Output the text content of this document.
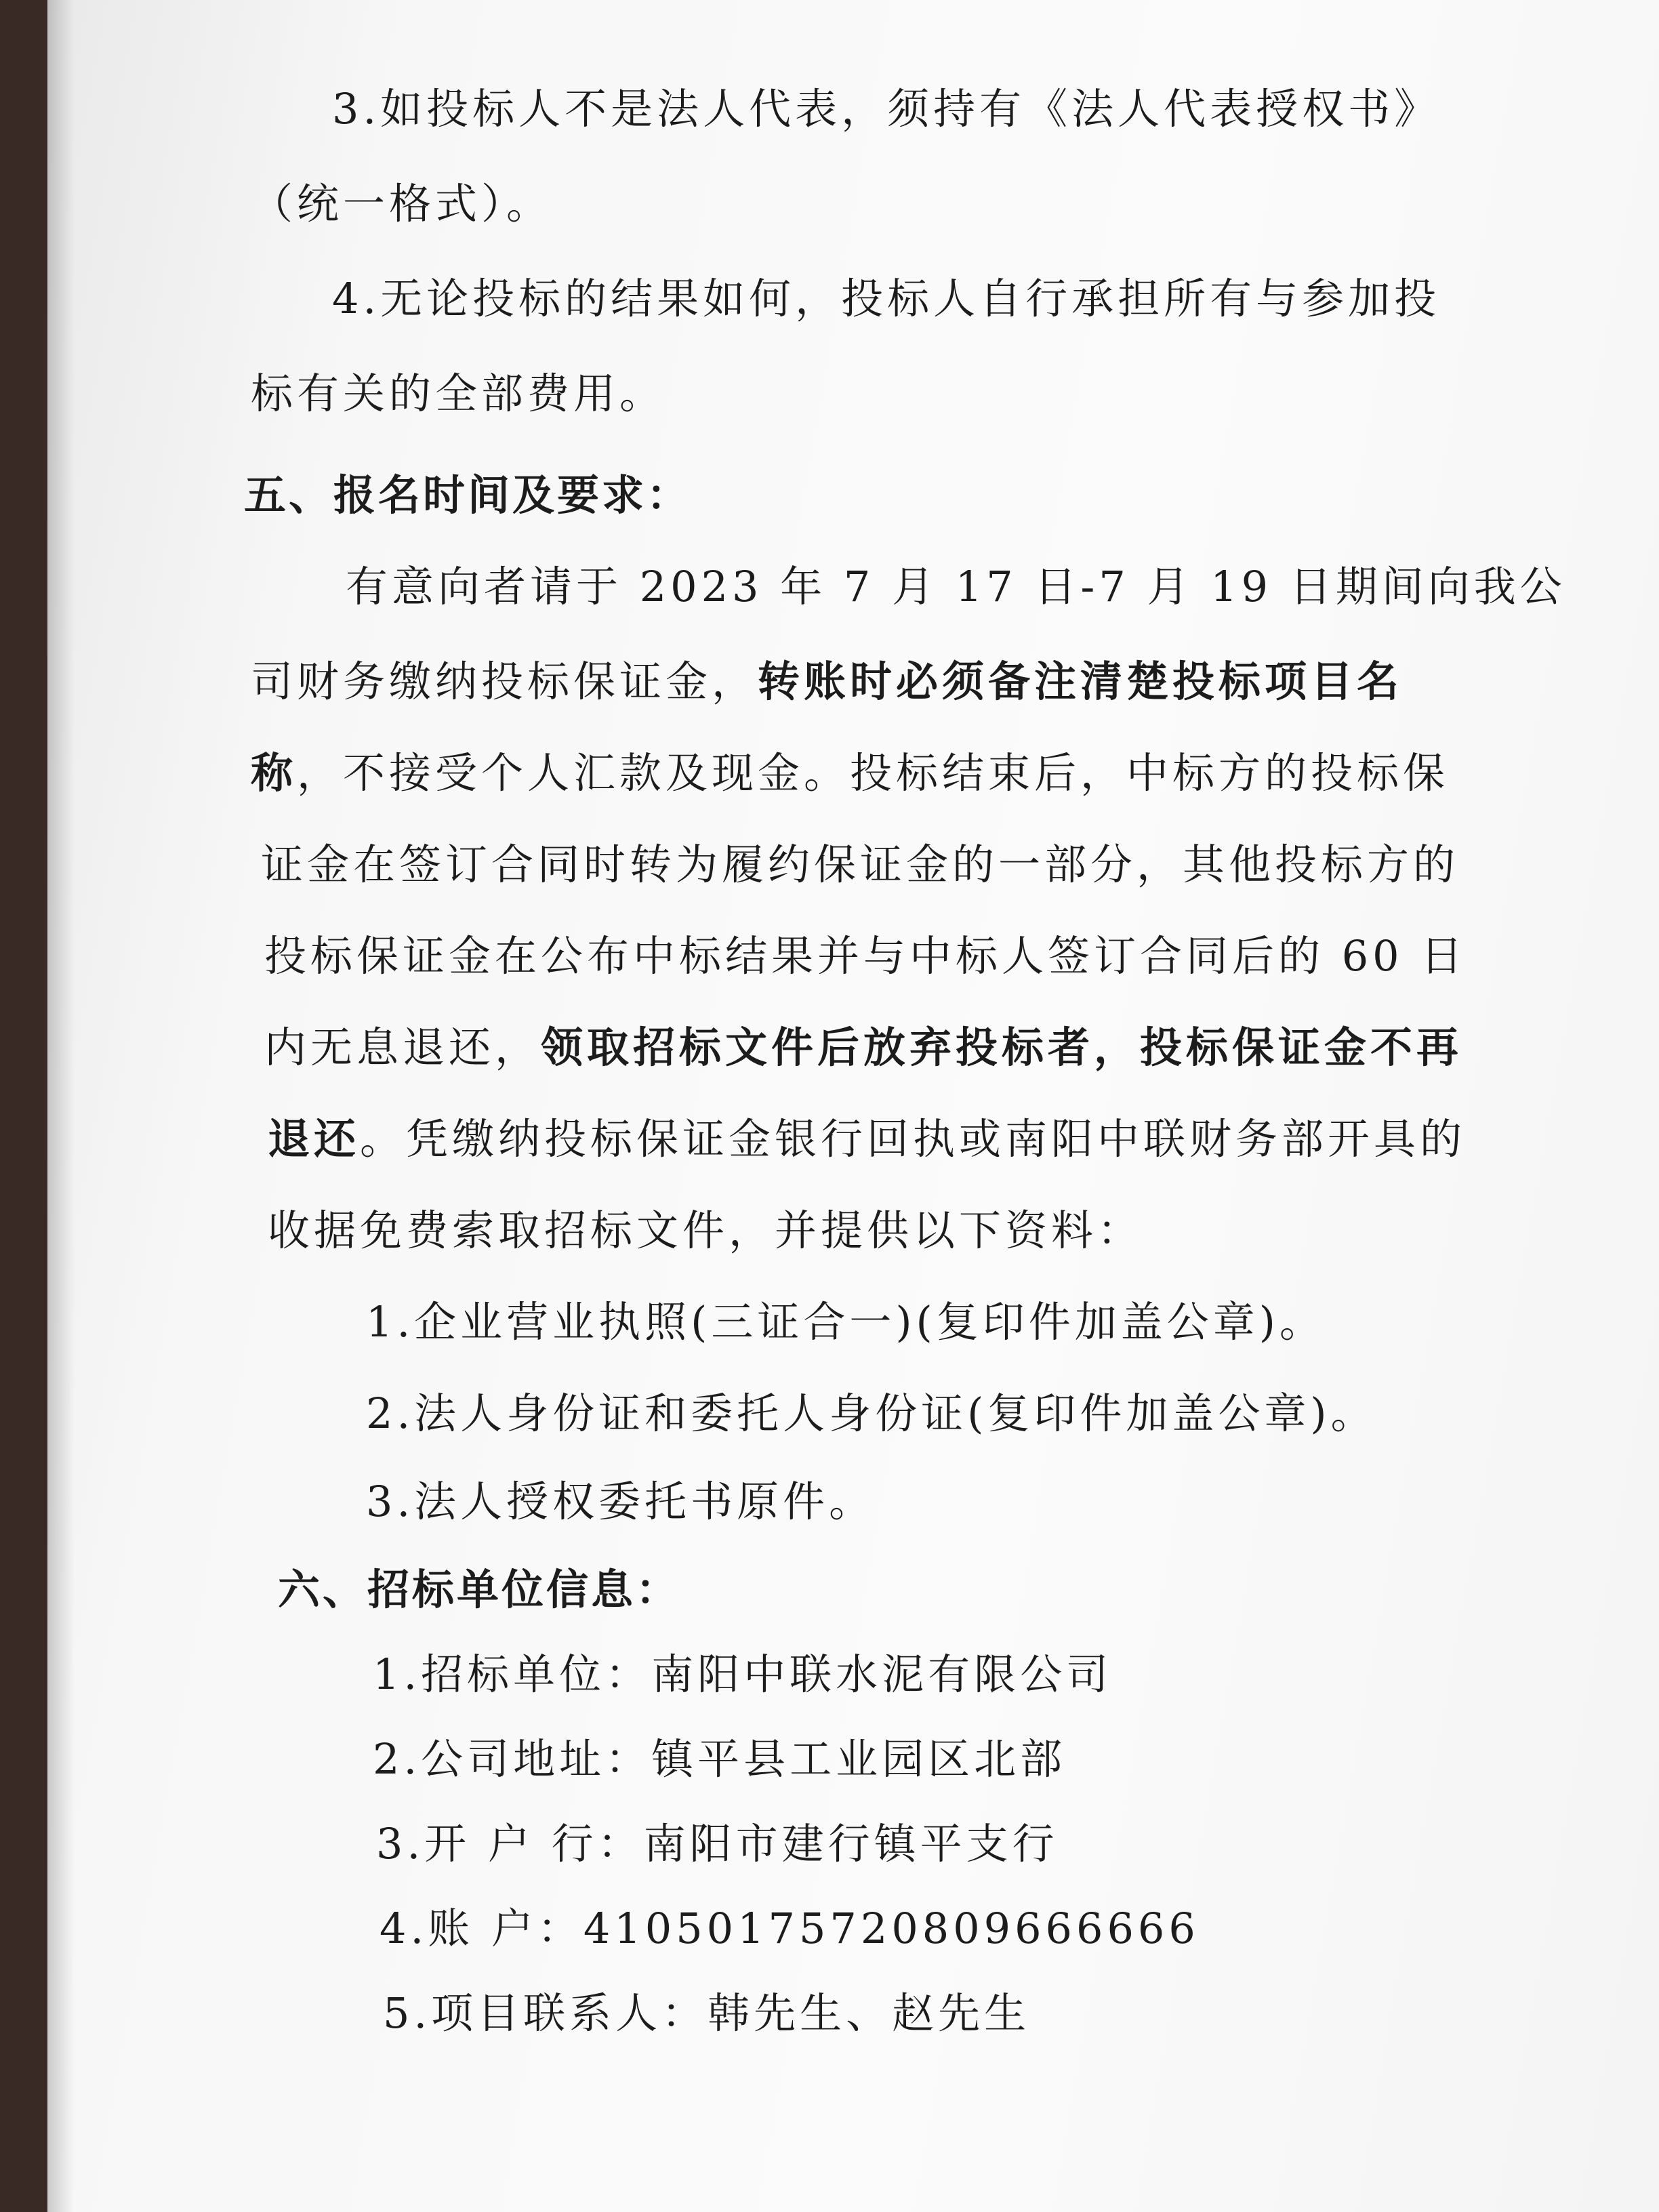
3.如投标人不是法人代表，须持有《法人代表授权书》
（统一格式）。
4.无论投标的结果如何，投标人自行承担所有与参加投
标有关的全部费用。
五、报名时间及要求：
有意向者请于 2023 年 7 月 17 日-7 月 19 日期间向我公
司财务缴纳投标保证金，转账时必须备注清楚投标项目名
称，不接受个人汇款及现金。投标结束后，中标方的投标保
证金在签订合同时转为履约保证金的一部分，其他投标方的
投标保证金在公布中标结果并与中标人签订合同后的 60 日
内无息退还，领取招标文件后放弃投标者，投标保证金不再
退还。凭缴纳投标保证金银行回执或南阳中联财务部开具的
收据免费索取招标文件，并提供以下资料：
1.企业营业执照(三证合一)(复印件加盖公章)。
2.法人身份证和委托人身份证(复印件加盖公章)。
3.法人授权委托书原件。
六、招标单位信息：
1.招标单位：南阳中联水泥有限公司
2.公司地址：镇平县工业园区北部
3.开 户 行：南阳市建行镇平支行
4.账 户：41050175720809666666
5.项目联系人：韩先生、赵先生
